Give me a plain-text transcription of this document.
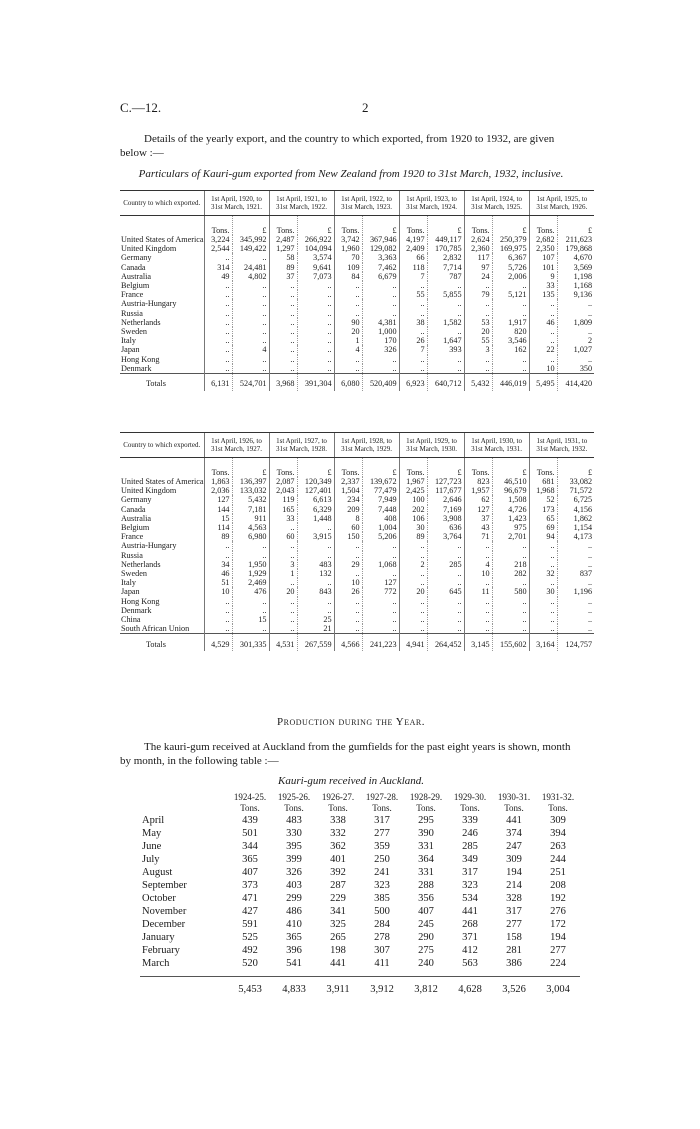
C.—12.	2
Details of the yearly export, and the country to which exported, from 1920 to 1932, are given below :—
Particulars of Kauri-gum exported from New Zealand from 1920 to 31st March, 1932, inclusive.
Country to which exported.	1st April, 1920, to 31st March, 1921.		1st April, 1921, to 31st March, 1922.		1st April, 1922, to 31st March, 1923.		1st April, 1923, to 31st March, 1924.		1st April, 1924, to 31st March, 1925.		1st April, 1925, to 31st March, 1926.	
	Tons.	£	Tons.	£	Tons.	£	Tons.	£	Tons.	£	Tons.	£
United States of America	3,224	345,992	2,487	266,922	3,742	367,946	4,197	449,117	2,624	250,379	2,682	211,623
United Kingdom	2,544	149,422	1,297	104,094	1,960	129,082	2,409	170,785	2,360	169,975	2,350	179,868
Germany	..	..	58	3,574	70	3,363	66	2,832	117	6,367	107	4,670
Canada	314	24,481	89	9,641	109	7,462	118	7,714	97	5,726	101	3,569
Australia	49	4,802	37	7,073	84	6,679	7	787	24	2,006	9	1,198
Belgium	..	..	..	..	..	..	..	..	..	..	33	1,168
France	..	..	..	..	..	..	55	5,855	79	5,121	135	9,136
Austria-Hungary	..	..	..	..	..	..	..	..	..	..	..	..
Russia	..	..	..	..	..	..	..	..	..	..	..	..
Netherlands	..	..	..	..	90	4,381	38	1,582	53	1,917	46	1,809
Sweden	..	..	..	..	20	1,000	..	..	20	820	..	..
Italy	..	..	..	..	1	170	26	1,647	55	3,546	..	2
Japan	..	4	..	..	4	326	7	393	3	162	22	1,027
Hong Kong	..	..	..	..	..	..	..	..	..	..	..	..
Denmark	..	..	..	..	..	..	..	..	..	..	10	350
Totals	6,131	524,701	3,968	391,304	6,080	520,409	6,923	640,712	5,432	446,019	5,495	414,420
Country to which exported.	1st April, 1926, to 31st March, 1927.		1st April, 1927, to 31st March, 1928.		1st April, 1928, to 31st March, 1929.		1st April, 1929, to 31st March, 1930.		1st April, 1930, to 31st March, 1931.		1st April, 1931, to 31st March, 1932.	
	Tons.	£	Tons.	£	Tons.	£	Tons.	£	Tons.	£	Tons.	£
United States of America	1,863	136,397	2,087	120,349	2,337	139,672	1,967	127,723	823	46,510	681	33,082
United Kingdom	2,036	133,032	2,043	127,401	1,504	77,479	2,425	117,677	1,957	96,679	1,968	71,572
Germany	127	5,432	119	6,613	234	7,949	100	2,646	62	1,508	52	6,725
Canada	144	7,181	165	6,329	209	7,448	202	7,169	127	4,726	173	4,156
Australia	15	911	33	1,448	8	408	106	3,908	37	1,423	65	1,862
Belgium	114	4,563	..	..	60	1,004	30	636	43	975	69	1,154
France	89	6,980	60	3,915	150	5,206	89	3,764	71	2,701	94	4,173
Austria-Hungary	..	..	..	..	..	..	..	..	..	..	..	..
Russia	..	..	..	..	..	..	..	..	..	..	..	..
Netherlands	34	1,950	3	483	29	1,068	2	285	4	218	..	..
Sweden	46	1,929	1	132	..	..	..	..	10	282	32	837
Italy	51	2,469	..	..	10	127	..	..	..	..	..	..
Japan	10	476	20	843	26	772	20	645	11	580	30	1,196
Hong Kong	..	..	..	..	..	..	..	..	..	..	..	..
Denmark	..	..	..	..	..	..	..	..	..	..	..	..
China	..	15	..	25	..	..	..	..	..	..	..	..
South African Union	..	..	..	21	..	..	..	..	..	..	..	..
Totals	4,529	301,335	4,531	267,559	4,566	241,223	4,941	264,452	3,145	155,602	3,164	124,757
Production during the Year.
The kauri-gum received at Auckland from the gumfields for the past eight years is shown, month by month, in the following table :—
Kauri-gum received in Auckland.
		1924-25.	1925-26.	1926-27.	1927-28.	1928-29.	1929-30.	1930-31.	1931-32.
		Tons.	Tons.	Tons.	Tons.	Tons.	Tons.	Tons.	Tons.
April		439	483	338	317	295	339	441	309
May		501	330	332	277	390	246	374	394
June		344	395	362	359	331	285	247	263
July		365	399	401	250	364	349	309	244
August		407	326	392	241	331	317	194	251
September		373	403	287	323	288	323	214	208
October		471	299	229	385	356	534	328	192
November		427	486	341	500	407	441	317	276
December		591	410	325	284	245	268	277	172
January		525	365	265	278	290	371	158	194
February		492	396	198	307	275	412	281	277
March		520	541	441	411	240	563	386	224

		5,453	4,833	3,911	3,912	3,812	4,628	3,526	3,004
